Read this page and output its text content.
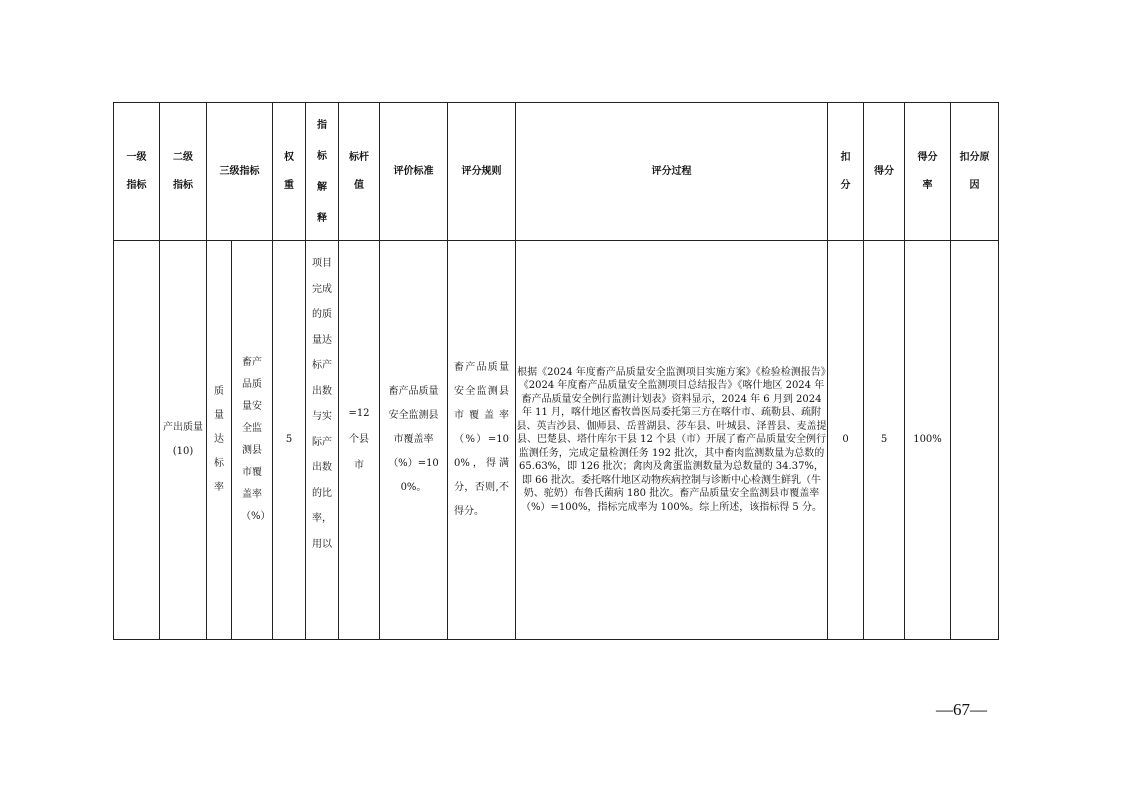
一级指标	二级指标	三级指标		权重	指标解释	标杆值	评价标准	评分规则	评分过程	扣分	得分	得分率	扣分原因

	产出质量(10)	质量达标率	畜产品质量安全监测县市覆盖率（%）	5	项目完成的质量达标产出数与实际产出数的比率，用以	=12个县市	畜产品质量安全监测县市覆盖率（%）=100%。	畜产品质量安全监测县市覆盖率（%）=100%，得满分，否则,不得分。	根据《2024 年度畜产品质量安全监测项目实施方案》《检验检测报告》《2024 年度畜产品质量安全监测项目总结报告》《喀什地区 2024 年畜产品质量安全例行监测计划表》资料显示，2024 年 6 月到 2024 年 11 月，喀什地区畜牧兽医局委托第三方在喀什市、疏勒县、疏附县、英吉沙县、伽师县、岳普湖县、莎车县、叶城县、泽普县、麦盖提县、巴楚县、塔什库尔干县 12 个县（市）开展了畜产品质量安全例行监测任务，完成定量检测任务 192 批次，其中畜肉监测数量为总数的 65.63%，即 126 批次；禽肉及禽蛋监测数量为总数量的 34.37%，即 66 批次。委托喀什地区动物疾病控制与诊断中心检测生鲜乳（牛奶、驼奶）布鲁氏菌病 180 批次。畜产品质量安全监测县市覆盖率（%）=100%，指标完成率为 100%。综上所述，该指标得 5 分。	0	5	100%	
—67—
